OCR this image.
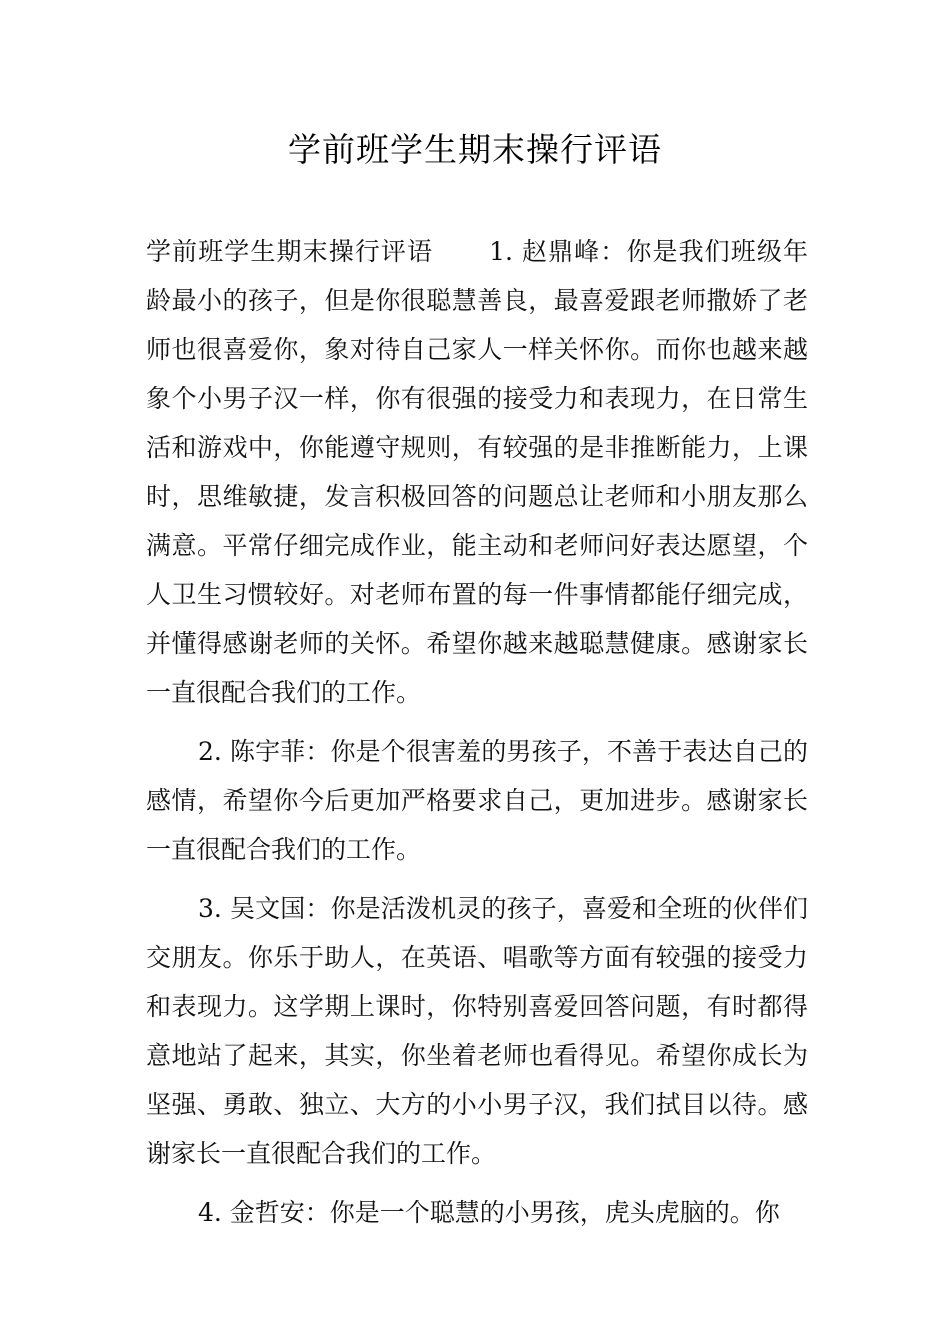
学前班学生期末操行评语

学前班学生期末操行评语 1. 赵鼎峰：你是我们班级年龄最小的孩子，但是你很聪慧善良，最喜爱跟老师撒娇了老师也很喜爱你，象对待自己家人一样关怀你。而你也越来越象个小男子汉一样，你有很强的接受力和表现力，在日常生活和游戏中，你能遵守规则，有较强的是非推断能力，上课时，思维敏捷，发言积极回答的问题总让老师和小朋友那么满意。平常仔细完成作业，能主动和老师问好表达愿望，个人卫生习惯较好。对老师布置的每一件事情都能仔细完成，并懂得感谢老师的关怀。希望你越来越聪慧健康。感谢家长一直很配合我们的工作。

2. 陈宇菲：你是个很害羞的男孩子，不善于表达自己的感情，希望你今后更加严格要求自己，更加进步。感谢家长一直很配合我们的工作。

3. 吴文国：你是活泼机灵的孩子，喜爱和全班的伙伴们交朋友。你乐于助人，在英语、唱歌等方面有较强的接受力和表现力。这学期上课时，你特别喜爱回答问题，有时都得意地站了起来，其实，你坐着老师也看得见。希望你成长为坚强、勇敢、独立、大方的小小男子汉，我们拭目以待。感谢家长一直很配合我们的工作。

4. 金哲安：你是一个聪慧的小男孩，虎头虎脑的。你
